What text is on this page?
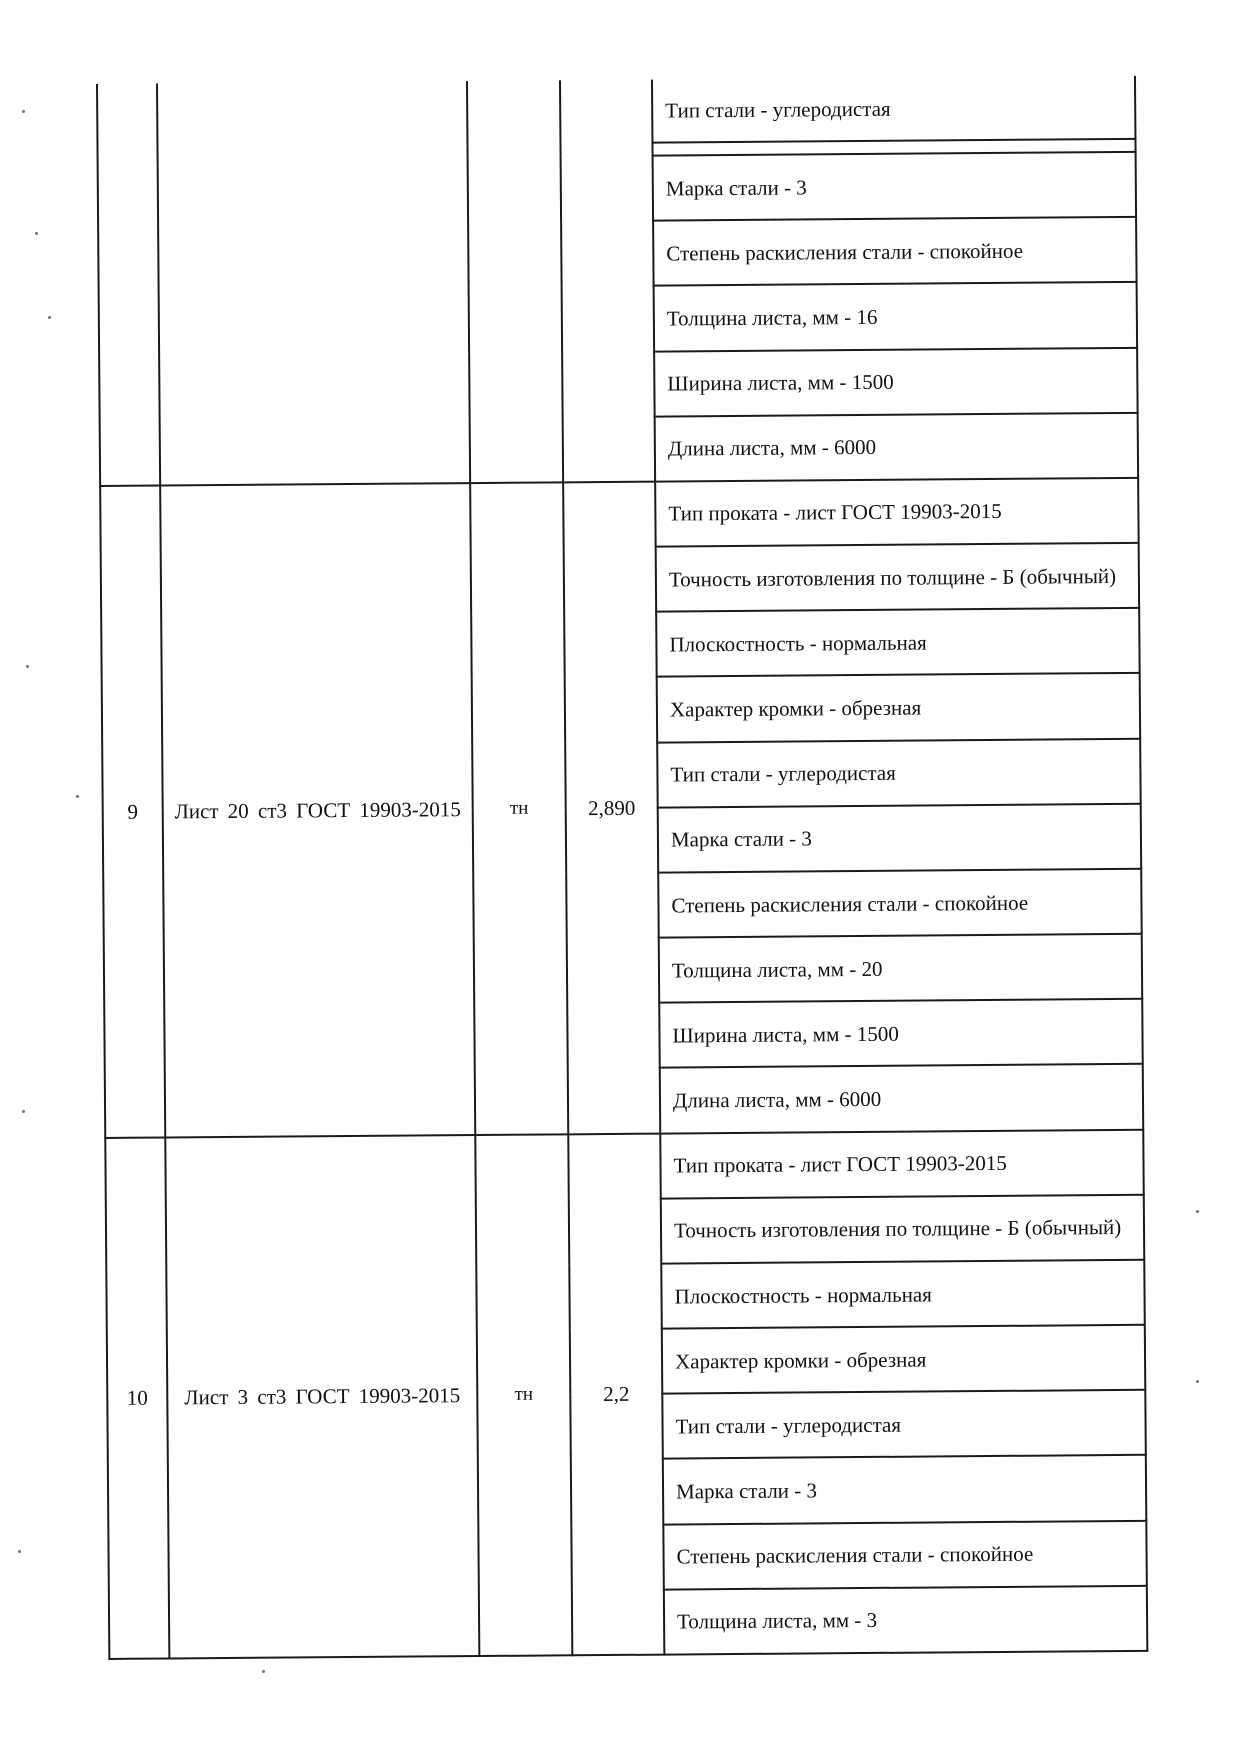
				Тип стали - углеродистая

				Марка стали - 3
				Степень раскисления стали - спокойное
				Толщина листа, мм - 16
				Ширина листа, мм - 1500
				Длина листа, мм - 6000
9	Лист 20 ст3 ГОСТ 19903-2015	тн	2,890	Тип проката - лист ГОСТ 19903-2015
				Точность изготовления по толщине - Б (обычный)
				Плоскостность - нормальная
				Характер кромки - обрезная
				Тип стали - углеродистая
				Марка стали - 3
				Степень раскисления стали - спокойное
				Толщина листа, мм - 20
				Ширина листа, мм - 1500
				Длина листа, мм - 6000
10	Лист 3 ст3 ГОСТ 19903-2015	тн	2,2	Тип проката - лист ГОСТ 19903-2015
				Точность изготовления по толщине - Б (обычный)
				Плоскостность - нормальная
				Характер кромки - обрезная
				Тип стали - углеродистая
				Марка стали - 3
				Степень раскисления стали - спокойное
				Толщина листа, мм - 3
